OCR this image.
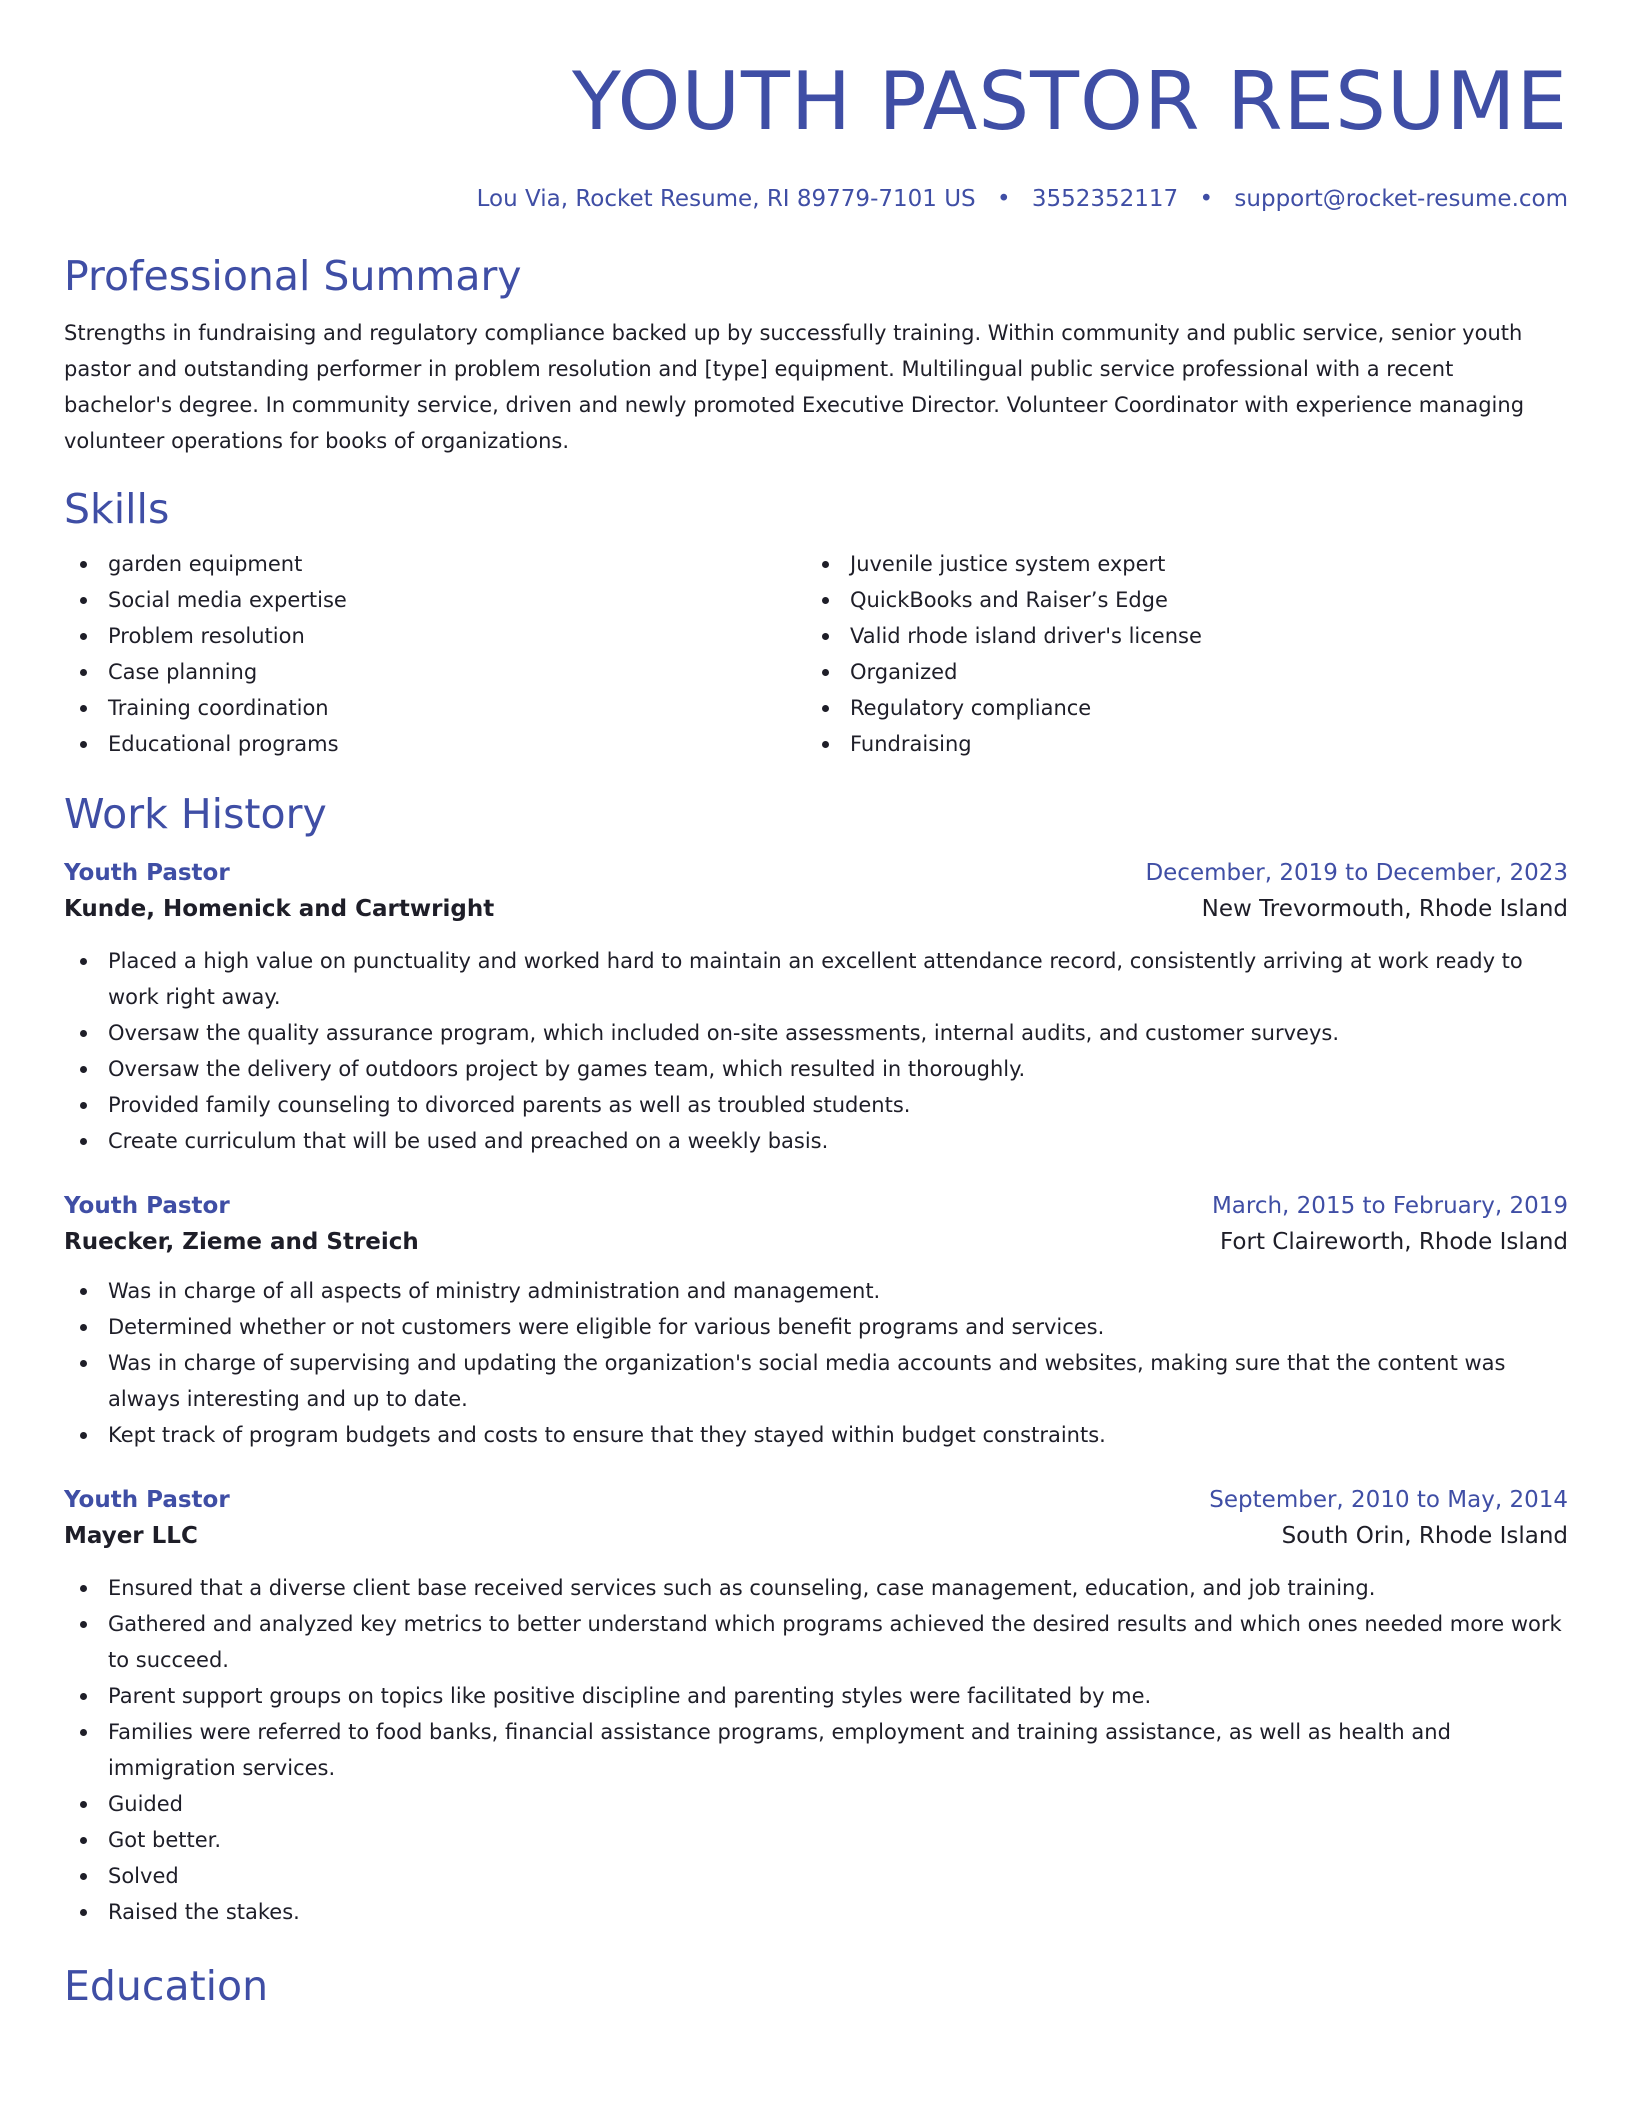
YOUTH PASTOR RESUME
Lou Via, Rocket Resume, RI 89779-7101 US • 3552352117 • support@rocket-resume.com
Professional Summary

Strengths in fundraising and regulatory compliance backed up by successfully training. Within community and public service, senior youth pastor and outstanding performer in problem resolution and [type] equipment. Multilingual public service professional with a recent bachelor's degree. In community service, driven and newly promoted Executive Director. Volunteer Coordinator with experience managing volunteer operations for books of organizations.

Skills
garden equipment
Social media expertise
Problem resolution
Case planning
Training coordination
Educational programs
Juvenile justice system expert
QuickBooks and Raiser’s Edge
Valid rhode island driver's license
Organized
Regulatory compliance
Fundraising
Work History
Youth Pastor	December, 2019 to December, 2023
Kunde, Homenick and Cartwright	New Trevormouth, Rhode Island
Placed a high value on punctuality and worked hard to maintain an excellent attendance record, consistently arriving at work ready to work right away.
Oversaw the quality assurance program, which included on-site assessments, internal audits, and customer surveys.
Oversaw the delivery of outdoors project by games team, which resulted in thoroughly.
Provided family counseling to divorced parents as well as troubled students.
Create curriculum that will be used and preached on a weekly basis.
Youth Pastor	March, 2015 to February, 2019
Ruecker, Zieme and Streich	Fort Claireworth, Rhode Island
Was in charge of all aspects of ministry administration and management.
Determined whether or not customers were eligible for various benefit programs and services.
Was in charge of supervising and updating the organization's social media accounts and websites, making sure that the content was always interesting and up to date.
Kept track of program budgets and costs to ensure that they stayed within budget constraints.
Youth Pastor	September, 2010 to May, 2014
Mayer LLC	South Orin, Rhode Island
Ensured that a diverse client base received services such as counseling, case management, education, and job training.
Gathered and analyzed key metrics to better understand which programs achieved the desired results and which ones needed more work to succeed.
Parent support groups on topics like positive discipline and parenting styles were facilitated by me.
Families were referred to food banks, financial assistance programs, employment and training assistance, as well as health and immigration services.
Guided
Got better.
Solved
Raised the stakes.
Education
